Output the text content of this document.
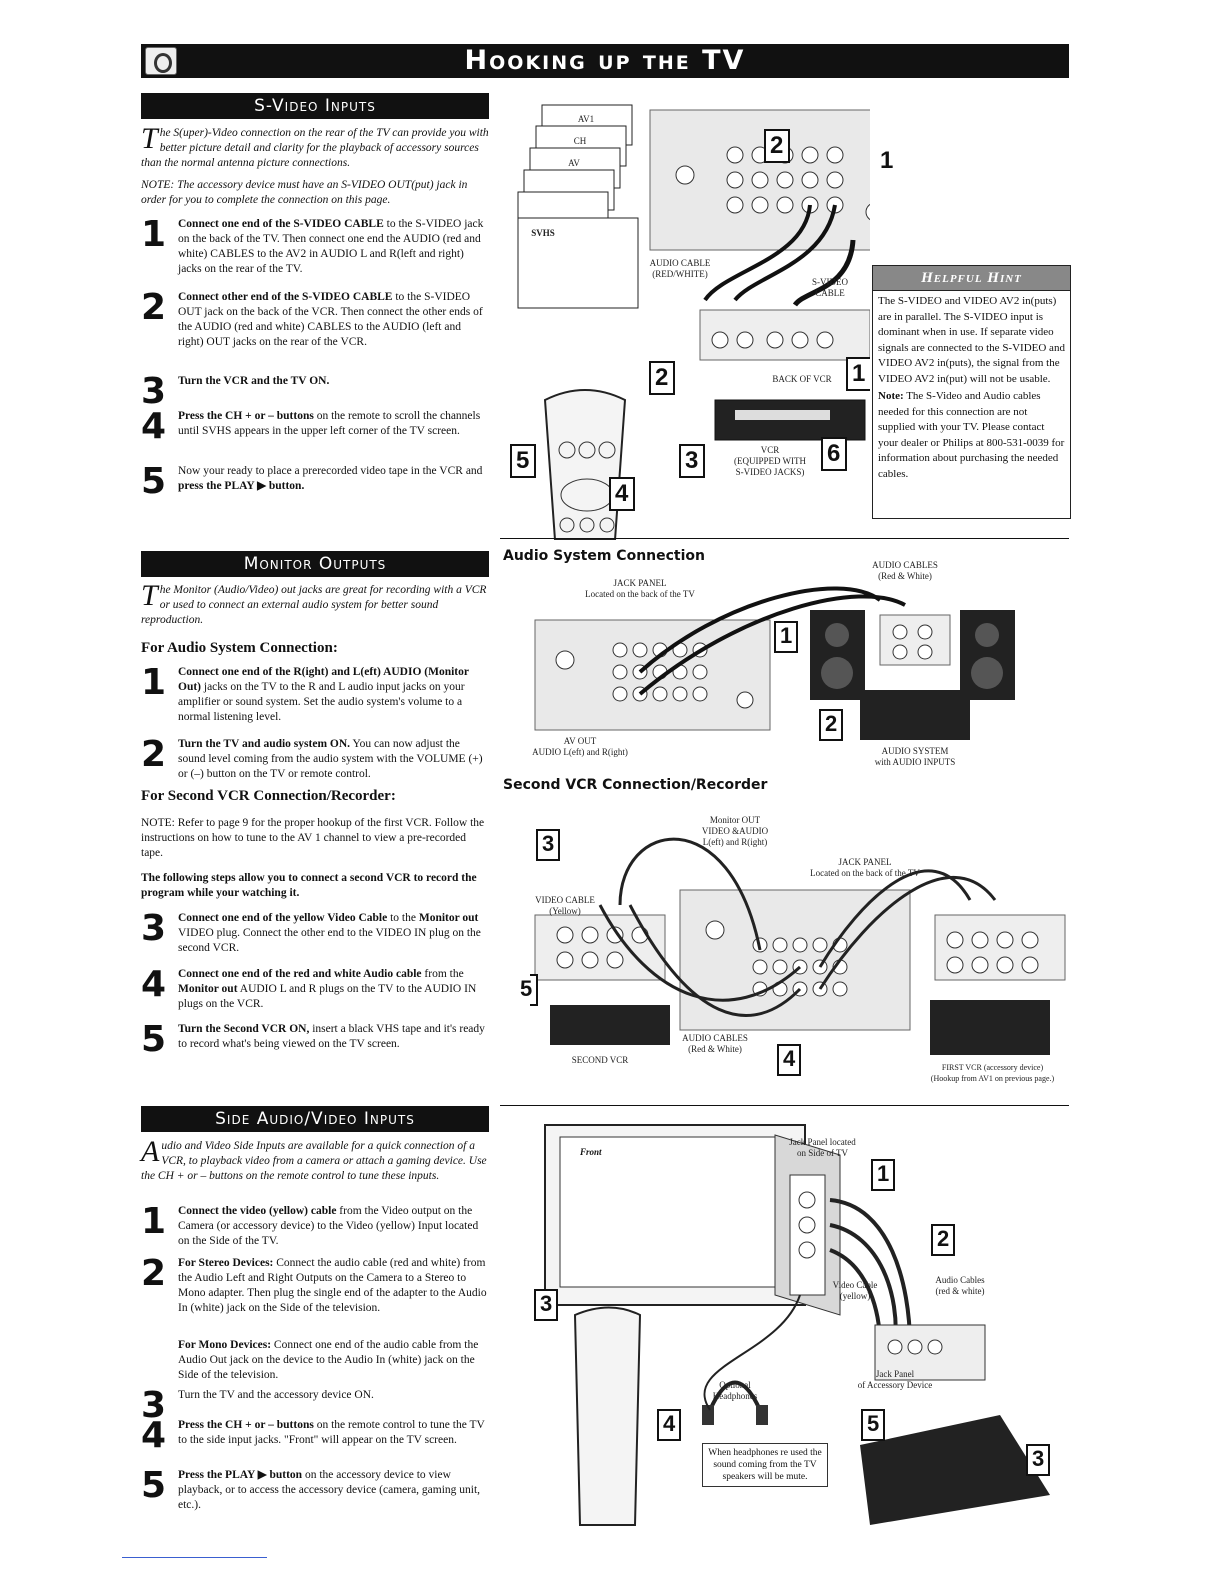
Hooking up the TV
S-Video Inputs
The S(uper)-Video connection on the rear of the TV can provide you with better picture detail and clarity for the playback of accessory sources than the normal antenna picture connections.
NOTE: The accessory device must have an S-VIDEO OUT(put) jack in order for you to complete the connection on this page.
1 Connect one end of the S-VIDEO CABLE to the S-VIDEO jack on the back of the TV. Then connect one end the AUDIO (red and white) CABLES to the AV2 in AUDIO L and R(left and right) jacks on the rear of the TV.
2 Connect other end of the S-VIDEO CABLE to the S-VIDEO OUT jack on the back of the VCR. Then connect the other ends of the AUDIO (red and white) CABLES to the AUDIO (left and right) OUT jacks on the rear of the VCR.
3 Turn the VCR and the TV ON.
4 Press the CH + or – buttons on the remote to scroll the channels until SVHS appears in the upper left corner of the TV screen.
5 Now your ready to place a prerecorded video tape in the VCR and press the PLAY ▶ button.
AV1
CH
AV
SVHS
AUDIO CABLE
(RED/WHITE)
S-VIDEO
CABLE
BACK OF VCR
VCR
(EQUIPPED WITH
S-VIDEO JACKS)
2
1
2	1
3
5
4
6
Helpful Hint
The S-VIDEO and VIDEO AV2 in(puts) are in parallel. The S-VIDEO input is dominant when in use. If separate video signals are connected to the S-VIDEO and VIDEO AV2 in(puts), the signal from the VIDEO AV2 in(put) will not be usable.
Note: The S-Video and Audio cables needed for this connection are not supplied with your TV. Please contact your dealer or Philips at 800-531-0039 for information about purchasing the needed cables.
Monitor Outputs
The Monitor (Audio/Video) out jacks are great for recording with a VCR or used to connect an external audio system for better sound reproduction.
For Audio System Connection:
1 Connect one end of the R(ight) and L(eft) AUDIO (Monitor Out) jacks on the TV to the R and L audio input jacks on your amplifier or sound system. Set the audio system's volume to a normal listening level.
2 Turn the TV and audio system ON. You can now adjust the sound level coming from the audio system with the VOLUME (+) or (–) button on the TV or remote control.
For Second VCR Connection/Recorder:
NOTE: Refer to page 9 for the proper hookup of the first VCR. Follow the instructions on how to tune to the AV 1 channel to view a pre-recorded tape.
The following steps allow you to connect a second VCR to record the program while your watching it.
3 Connect one end of the yellow Video Cable to the Monitor out VIDEO plug. Connect the other end to the VIDEO IN plug on the second VCR.
4 Connect one end of the red and white Audio cable from the Monitor out AUDIO L and R plugs on the TV to the AUDIO IN plugs on the VCR.
5 Turn the Second VCR ON, insert a black VHS tape and it's ready to record what's being viewed on the TV screen.
Audio System Connection
JACK PANEL
Located on the back of the TV
AUDIO CABLES
(Red & White)
AV OUT
AUDIO L(eft) and R(ight)	AUDIO SYSTEM
with AUDIO INPUTS
1
2
Second VCR Connection/Recorder
Monitor OUT
VIDEO &AUDIO
L(eft) and R(ight)
JACK PANEL
Located on the back of the TV
VIDEO CABLE
(Yellow)
AUDIO CABLES
(Red & White)
SECOND VCR
FIRST VCR (accessory device)
(Hookup from AV1 on previous page.)
3
5
4
Side Audio/Video Inputs
Audio and Video Side Inputs are available for a quick connection of a VCR, to playback video from a camera or attach a gaming device. Use the CH + or – buttons on the remote control to tune these inputs.
1 Connect the video (yellow) cable from the Video output on the Camera (or accessory device) to the Video (yellow) Input located on the Side of the TV.
2 For Stereo Devices: Connect the audio cable (red and white) from the Audio Left and Right Outputs on the Camera to a Stereo to Mono adapter. Then plug the single end of the adapter to the Audio In (white) jack on the Side of the television.
For Mono Devices: Connect one end of the audio cable from the Audio Out jack on the device to the Audio In (white) jack on the Side of the television.
3 Turn the TV and the accessory device ON.
4 Press the CH + or – buttons on the remote control to tune the TV to the side input jacks. "Front" will appear on the TV screen.
5 Press the PLAY ▶ button on the accessory device to view playback, or to access the accessory device (camera, gaming unit, etc.).
Front
Jack Panel located
on Side of TV
Audio Cables
(red & white)
Video Cable
(yellow)
Jack Panel
of Accessory Device
Optional
Headphones
When headphones re used the sound coming from the TV speakers will be mute.
1
2
3
4	5
3
